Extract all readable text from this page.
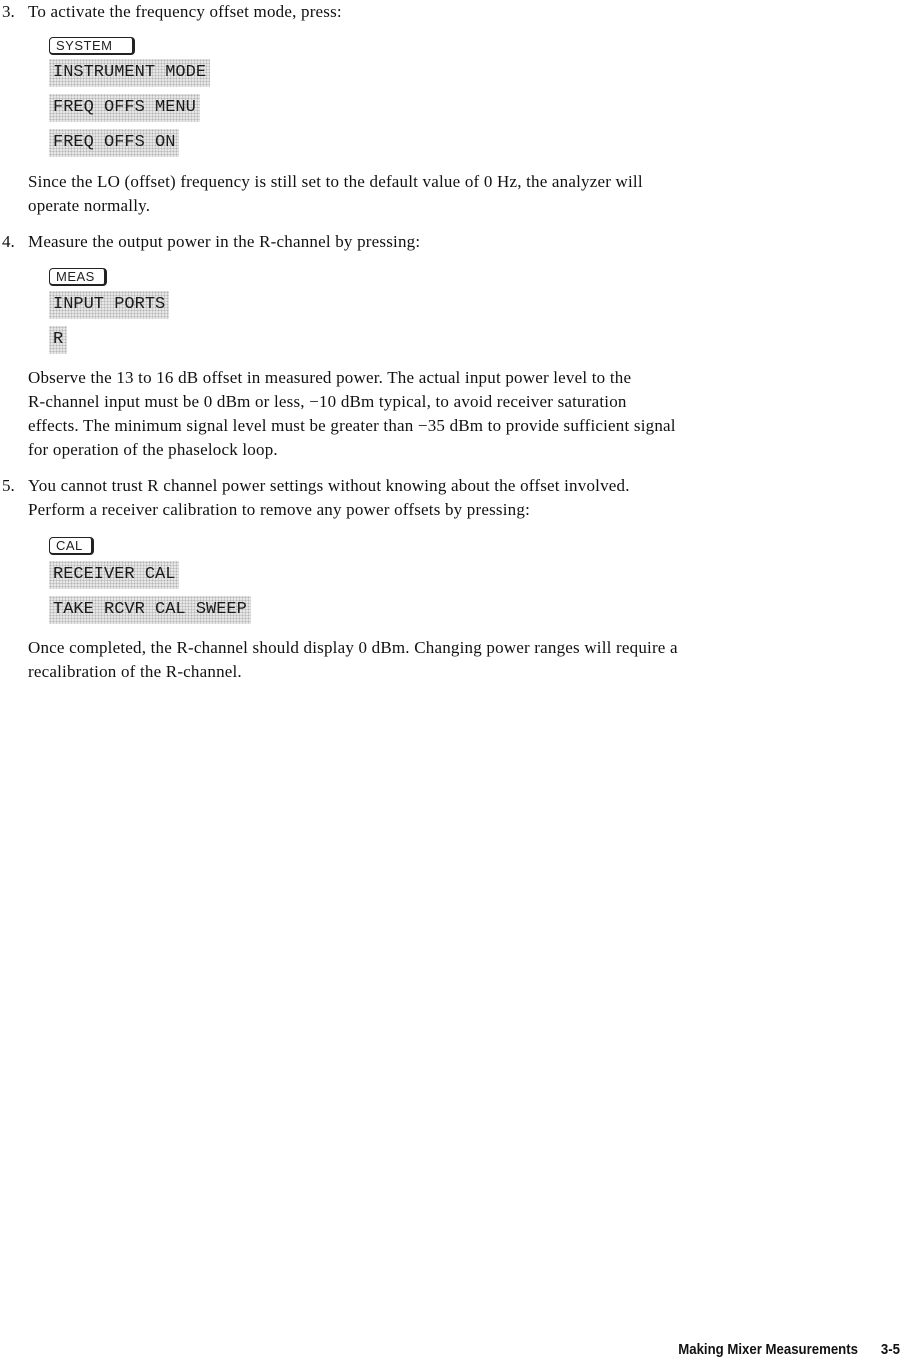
3. To activate the frequency offset mode, press:
SYSTEM
INSTRUMENT MODE
FREQ OFFS MENU
FREQ OFFS ON
Since the LO (offset) frequency is still set to the default value of 0 Hz, the analyzer will
operate normally.
4. Measure the output power in the R-channel by pressing:
MEAS
INPUT PORTS
R
Observe the 13 to 16 dB offset in measured power. The actual input power level to the
R-channel input must be 0 dBm or less, −10 dBm typical, to avoid receiver saturation
effects. The minimum signal level must be greater than −35 dBm to provide sufficient signal
for operation of the phaselock loop.
5. You cannot trust R channel power settings without knowing about the offset involved.
Perform a receiver calibration to remove any power offsets by pressing:
CAL
RECEIVER CAL
TAKE RCVR CAL SWEEP
Once completed, the R-channel should display 0 dBm. Changing power ranges will require a
recalibration of the R-channel.
Making Mixer Measurements 3-5
